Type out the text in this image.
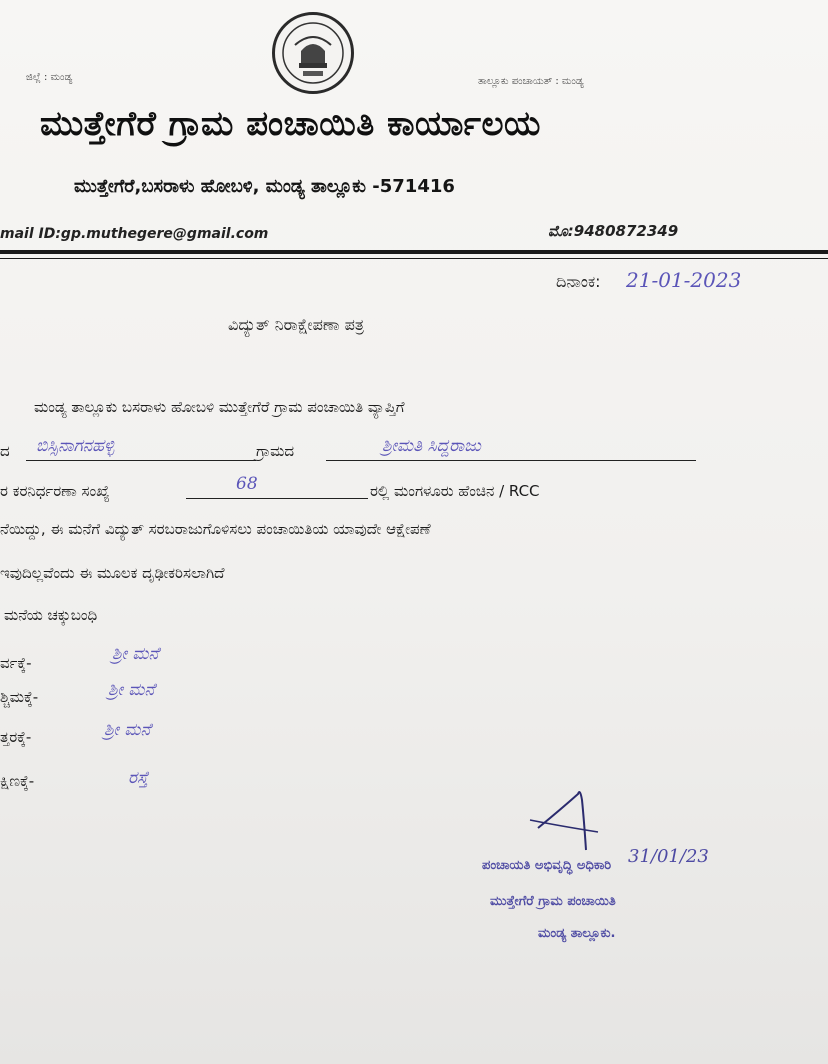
ಜಿಲ್ಲೆ : ಮಂಡ್ಯ	ತಾಲ್ಲೂಕು ಪಂಚಾಯತ್ : ಮಂಡ್ಯ
ಮುತ್ತೇಗೆರೆ ಗ್ರಾಮ ಪಂಚಾಯಿತಿ ಕಾರ್ಯಾಲಯ
ಮುತ್ತೇಗೆರೆ,ಬಸರಾಳು ಹೋಬಳಿ, ಮಂಡ್ಯ ತಾಲ್ಲೂಕು -571416
mail ID:gp.muthegere@gmail.com	ಮೊ:9480872349
ದಿನಾಂಕ: 21-01-2023
ವಿದ್ಯುತ್ ನಿರಾಕ್ಷೇಪಣಾ ಪತ್ರ
ಮಂಡ್ಯ ತಾಲ್ಲೂಕು ಬಸರಾಳು ಹೋಬಳಿ ಮುತ್ತೇಗೆರೆ ಗ್ರಾಮ ಪಂಚಾಯಿತಿ ವ್ಯಾಪ್ತಿಗೆ
ದ ಬಿಸ್ಸಿನಾಗನಹಳ್ಳಿ	ಗ್ರಾಮದ	ಶ್ರೀಮತಿ ಸಿದ್ದರಾಜು
ರ ಕರನಿರ್ಧರಣಾ ಸಂಖ್ಯೆ	68	ರಲ್ಲಿ ಮಂಗಳೂರು ಹೆಂಚಿನ / RCC
ನೆಯಿದ್ದು, ಈ ಮನೆಗೆ ವಿದ್ಯುತ್ ಸರಬರಾಜುಗೊಳಿಸಲು ಪಂಚಾಯಿತಿಯ ಯಾವುದೇ ಆಕ್ಷೇಪಣೆ
ಇವುದಿಲ್ಲವೆಂದು ಈ ಮೂಲಕ ದೃಢೀಕರಿಸಲಾಗಿದೆ
ಮನೆಯ ಚಕ್ಕುಬಂಧಿ
ರ್ವಕ್ಕೆ-	ಶ್ರೀ ಮನೆ
ಶ್ಚಿಮಕ್ಕೆ-	ಶ್ರೀ ಮನೆ
ತ್ತರಕ್ಕೆ-	ಶ್ರೀ ಮನೆ
ಕ್ಷಿಣಕ್ಕೆ-	ರಸ್ತೆ
31/01/23
ಪಂಚಾಯತಿ ಅಭಿವೃದ್ಧಿ ಅಧಿಕಾರಿ
ಮುತ್ತೇಗೆರೆ ಗ್ರಾಮ ಪಂಚಾಯಿತಿ
ಮಂಡ್ಯ ತಾಲ್ಲೂಕು.
